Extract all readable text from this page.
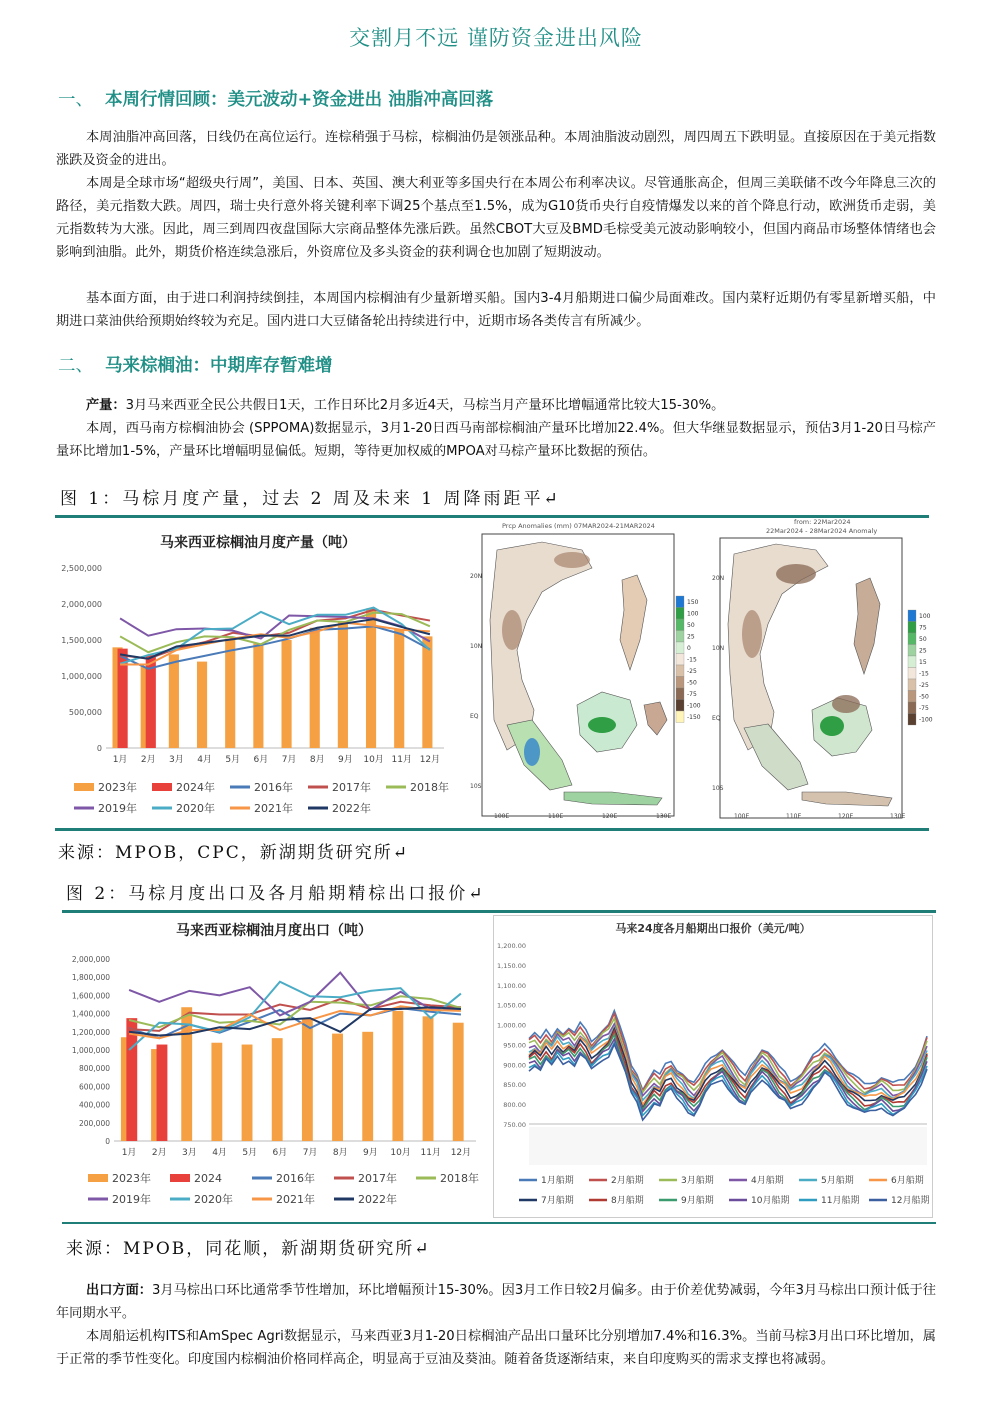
交割月不远 谨防资金进出风险
一、 本周行情回顾：美元波动+资金进出 油脂冲高回落

本周油脂冲高回落，日线仍在高位运行。连棕稍强于马棕，棕榈油仍是领涨品种。本周油脂波动剧烈，周四周五下跌明显。直接原因在于美元指数涨跌及资金的进出。

本周是全球市场“超级央行周”，美国、日本、英国、澳大利亚等多国央行在本周公布利率决议。尽管通胀高企，但周三美联储不改今年降息三次的路径，美元指数大跌。周四，瑞士央行意外将关键利率下调25个基点至1.5%，成为G10货币央行自疫情爆发以来的首个降息行动，欧洲货币走弱，美元指数转为大涨。因此，周三到周四夜盘国际大宗商品整体先涨后跌。虽然CBOT大豆及BMD毛棕受美元波动影响较小，但国内商品市场整体情绪也会影响到油脂。此外，期货价格连续急涨后，外资席位及多头资金的获利调仓也加剧了短期波动。

基本面方面，由于进口利润持续倒挂，本周国内棕榈油有少量新增买船。国内3-4月船期进口偏少局面难改。国内菜籽近期仍有零星新增买船，中期进口菜油供给预期始终较为充足。国内进口大豆储备轮出持续进行中，近期市场各类传言有所减少。

二、 马来棕榈油：中期库存暂难增

产量：3月马来西亚全民公共假日1天，工作日环比2月多近4天，马棕当月产量环比增幅通常比较大15-30%。

本周，西马南方棕榈油协会 (SPPOMA)数据显示，3月1-20日西马南部棕榈油产量环比增加22.4%。但大华继显数据显示，预估3月1-20日马棕产量环比增加1-5%，产量环比增幅明显偏低。短期，等待更加权威的MPOA对马棕产量环比数据的预估。

图 1：马棕月度产量，过去 2 周及未来 1 周降雨距平↵
马来西亚棕榈油月度产量（吨）
2,500,000
2,000,000
1,500,000
1,000,000
500,000
0
1月 2月 3月 4月 5月 6月 7月 8月 9月 10月 11月 12月
2023年	2024年	2016年	2017年	2018年
2019年	2020年	2021年	2022年
Prcp Anomalies (mm) 07MAR2024-21MAR2024
20N
10N
EQ
10S
100E	110E	120E	130E
150
100
50
25
0
-15
-25
-50
-75
-100
-150
from: 22Mar2024
22Mar2024 - 28Mar2024 Anomaly
20N
10N
EQ
10S
100E	110E	120E	130E
100
75
50
25
15
-15
-25
-50
-75
-100
来源：MPOB，CPC，新湖期货研究所↵
图 2：马棕月度出口及各月船期精棕出口报价↵
马来西亚棕榈油月度出口（吨）
2,000,000
1,800,000
1,600,000
1,400,000
1,200,000
1,000,000
800,000
600,000
400,000
200,000
0
1月 2月 3月 4月 5月 6月 7月 8月 9月 10月 11月 12月
2023年	2024	2016年	2017年	2018年
2019年	2020年	2021年	2022年
马来24度各月船期出口报价（美元/吨）
1,200.00
1,150.00
1,100.00
1,050.00
1,000.00
950.00
900.00
850.00
800.00
750.00
1月船期	2月船期	3月船期	4月船期	5月船期	6月船期
7月船期	8月船期	9月船期	10月船期	11月船期	12月船期
来源：MPOB，同花顺，新湖期货研究所↵

出口方面：3月马棕出口环比通常季节性增加，环比增幅预计15-30%。因3月工作日较2月偏多。由于价差优势减弱，今年3月马棕出口预计低于往年同期水平。

本周船运机构ITS和AmSpec Agri数据显示，马来西亚3月1-20日棕榈油产品出口量环比分别增加7.4%和16.3%。当前马棕3月出口环比增加，属于正常的季节性变化。印度国内棕榈油价格同样高企，明显高于豆油及葵油。随着备货逐渐结束，来自印度购买的需求支撑也将减弱。
